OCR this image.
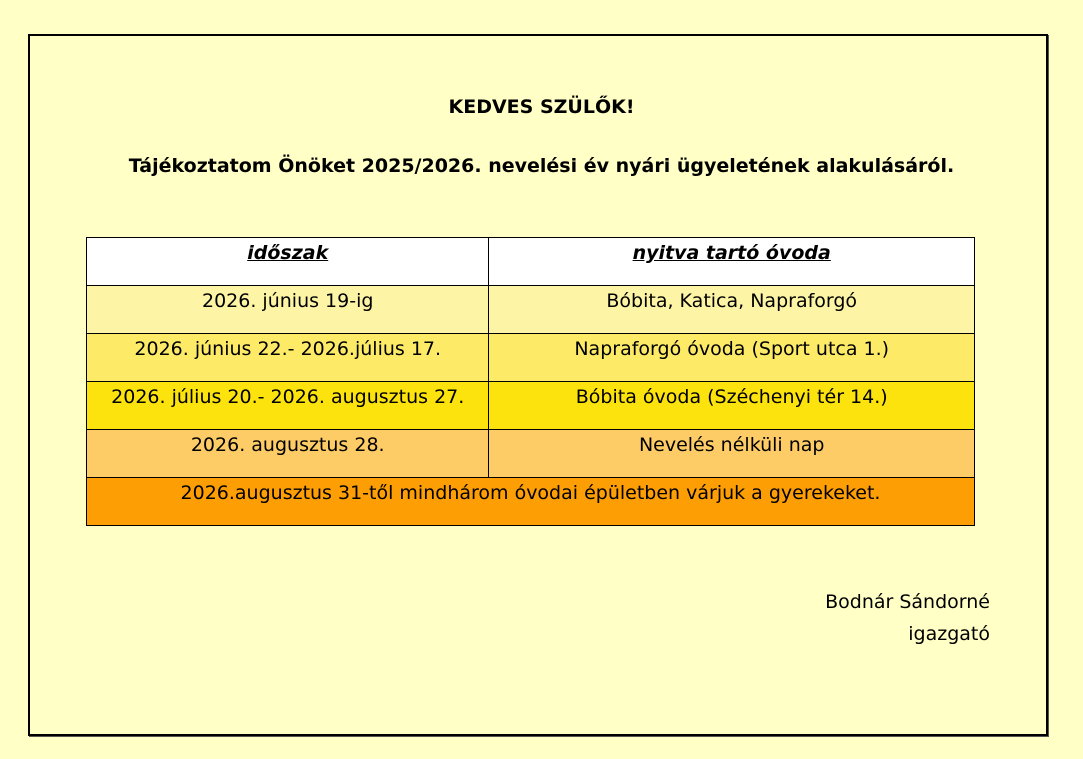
KEDVES SZÜLŐK!
Tájékoztatom Önöket 2025/2026. nevelési év nyári ügyeletének alakulásáról.
időszak	nyitva tartó óvoda
2026. június 19-ig	Bóbita, Katica, Napraforgó
2026. június 22.- 2026.július 17.	Napraforgó óvoda (Sport utca 1.)
2026. július 20.- 2026. augusztus 27.	Bóbita óvoda (Széchenyi tér 14.)
2026. augusztus 28.	Nevelés nélküli nap
2026.augusztus 31-től mindhárom óvodai épületben várjuk a gyerekeket.	
Bodnár Sándorné
igazgató
